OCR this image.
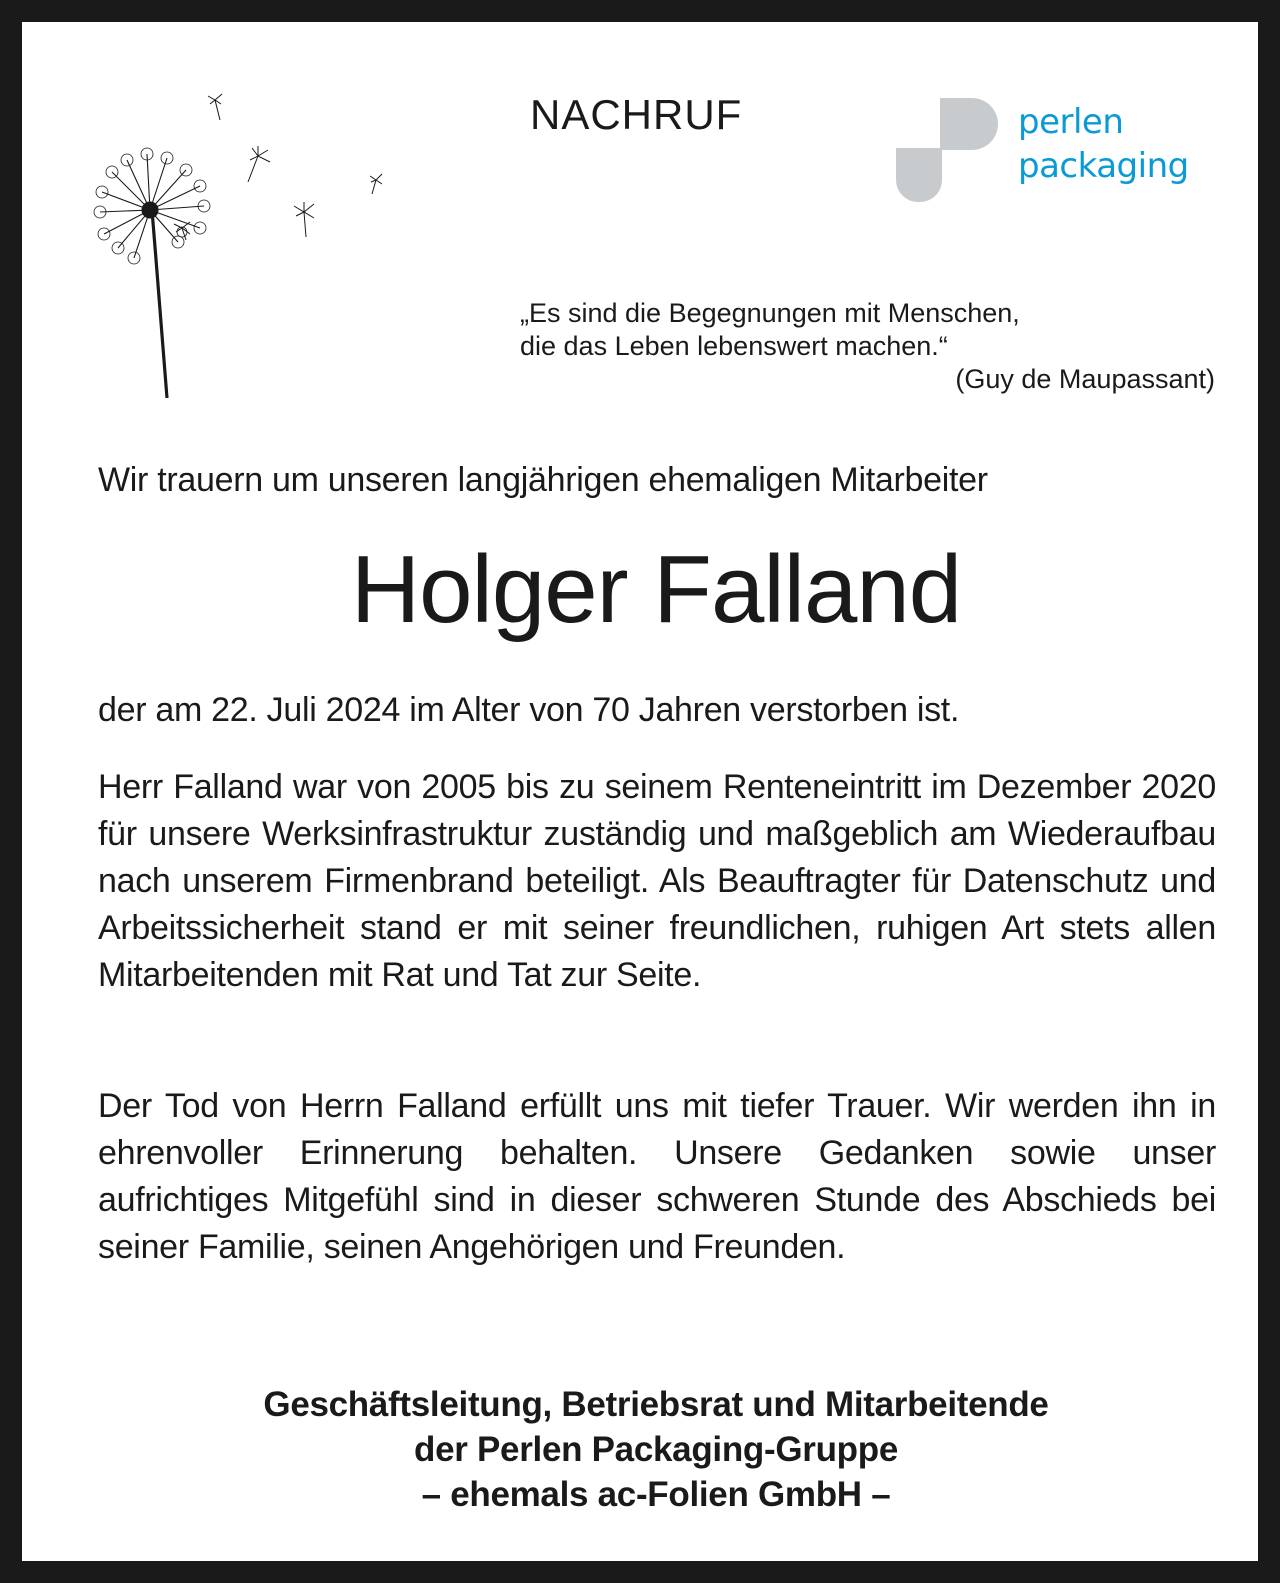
NACHRUF	perlen
packaging
„Es sind die Begegnungen mit Menschen,
die das Leben lebenswert machen.“
(Guy de Maupassant)
Wir trauern um unseren langjährigen ehemaligen Mitarbeiter
Holger Falland
der am 22. Juli 2024 im Alter von 70 Jahren verstorben ist.
Herr Falland war von 2005 bis zu seinem Renteneintritt im Dezember 2020 für unsere Werksinfrastruktur zuständig und maßgeblich am Wiederaufbau nach unserem Firmenbrand beteiligt. Als Beauftragter für Datenschutz und Arbeitssicherheit stand er mit seiner freundlichen, ruhigen Art stets allen Mitarbeitenden mit Rat und Tat zur Seite.
Der Tod von Herrn Falland erfüllt uns mit tiefer Trauer. Wir werden ihn in ehrenvoller Erinnerung behalten. Unsere Gedanken sowie unser aufrichtiges Mitgefühl sind in dieser schweren Stunde des Abschieds bei seiner Familie, seinen Angehörigen und Freunden.
Geschäftsleitung, Betriebsrat und Mitarbeitende
der Perlen Packaging-Gruppe
– ehemals ac-Folien GmbH –
